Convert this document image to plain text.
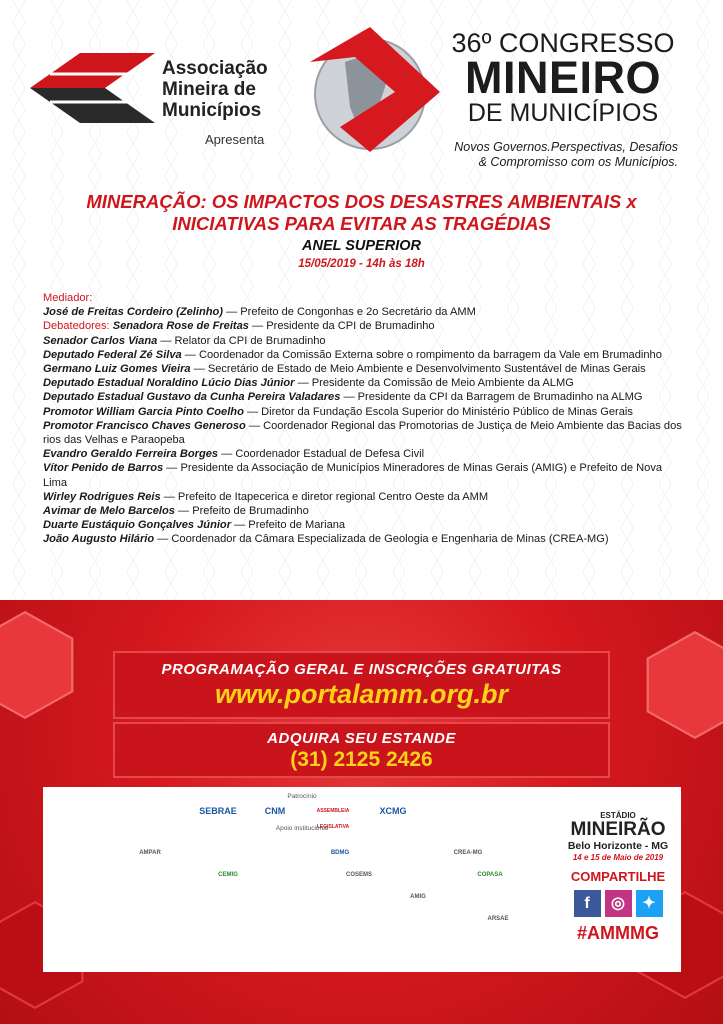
Associação
Mineira de
Municípios
Apresenta
36º CONGRESSO
MINEIRO
DE MUNICÍPIOS
Novos Governos.Perspectivas, Desafios
& Compromisso com os Municípios.
MINERAÇÃO: OS IMPACTOS DOS DESASTRES AMBIENTAIS x
INICIATIVAS PARA EVITAR AS TRAGÉDIAS
ANEL SUPERIOR
15/05/2019 - 14h às 18h
Mediador:
José de Freitas Cordeiro (Zelinho) — Prefeito de Congonhas e 2o Secretário da AMM
Debatedores: Senadora Rose de Freitas — Presidente da CPI de Brumadinho
Senador Carlos Viana — Relator da CPI de Brumadinho
Deputado Federal Zé Silva — Coordenador da Comissão Externa sobre o rompimento da barragem da Vale em Brumadinho
Germano Luiz Gomes Vieira — Secretário de Estado de Meio Ambiente e Desenvolvimento Sustentável de Minas Gerais
Deputado Estadual Noraldino Lúcio Dias Júnior — Presidente da Comissão de Meio Ambiente da ALMG
Deputado Estadual Gustavo da Cunha Pereira Valadares — Presidente da CPI da Barragem de Brumadinho na ALMG
Promotor William Garcia Pinto Coelho — Diretor da Fundação Escola Superior do Ministério Público de Minas Gerais
Promotor Francisco Chaves Generoso — Coordenador Regional das Promotorias de Justiça de Meio Ambiente das Bacias dos rios das Velhas e Paraopeba
Evandro Geraldo Ferreira Borges — Coordenador Estadual de Defesa Civil
Vítor Penido de Barros — Presidente da Associação de Municípios Mineradores de Minas Gerais (AMIG) e Prefeito de Nova Lima
Wirley Rodrigues Reis — Prefeito de Itapecerica e diretor regional Centro Oeste da AMM
Avimar de Melo Barcelos — Prefeito de Brumadinho
Duarte Eustáquio Gonçalves Júnior — Prefeito de Mariana
João Augusto Hilário — Coordenador da Câmara Especializada de Geologia e Engenharia de Minas (CREA-MG)
PROGRAMAÇÃO GERAL E INSCRIÇÕES GRATUITAS
www.portalamm.org.br
ADQUIRA SEU ESTANDE
(31) 2125 2426
Patrocínio
SEBRAE	CNM	ASSEMBLEIA LEGISLATIVA
XCMG
Apoio institucional
AMPAR	BDMG
COSEMS
CREA-MG
CEMIG	COPASA
AMIG
ARSAE
ESTÁDIO
MINEIRÃO
Belo Horizonte - MG
14 e 15 de Maio de 2019
COMPARTILHE
f	◎	✦
#AMMMG
